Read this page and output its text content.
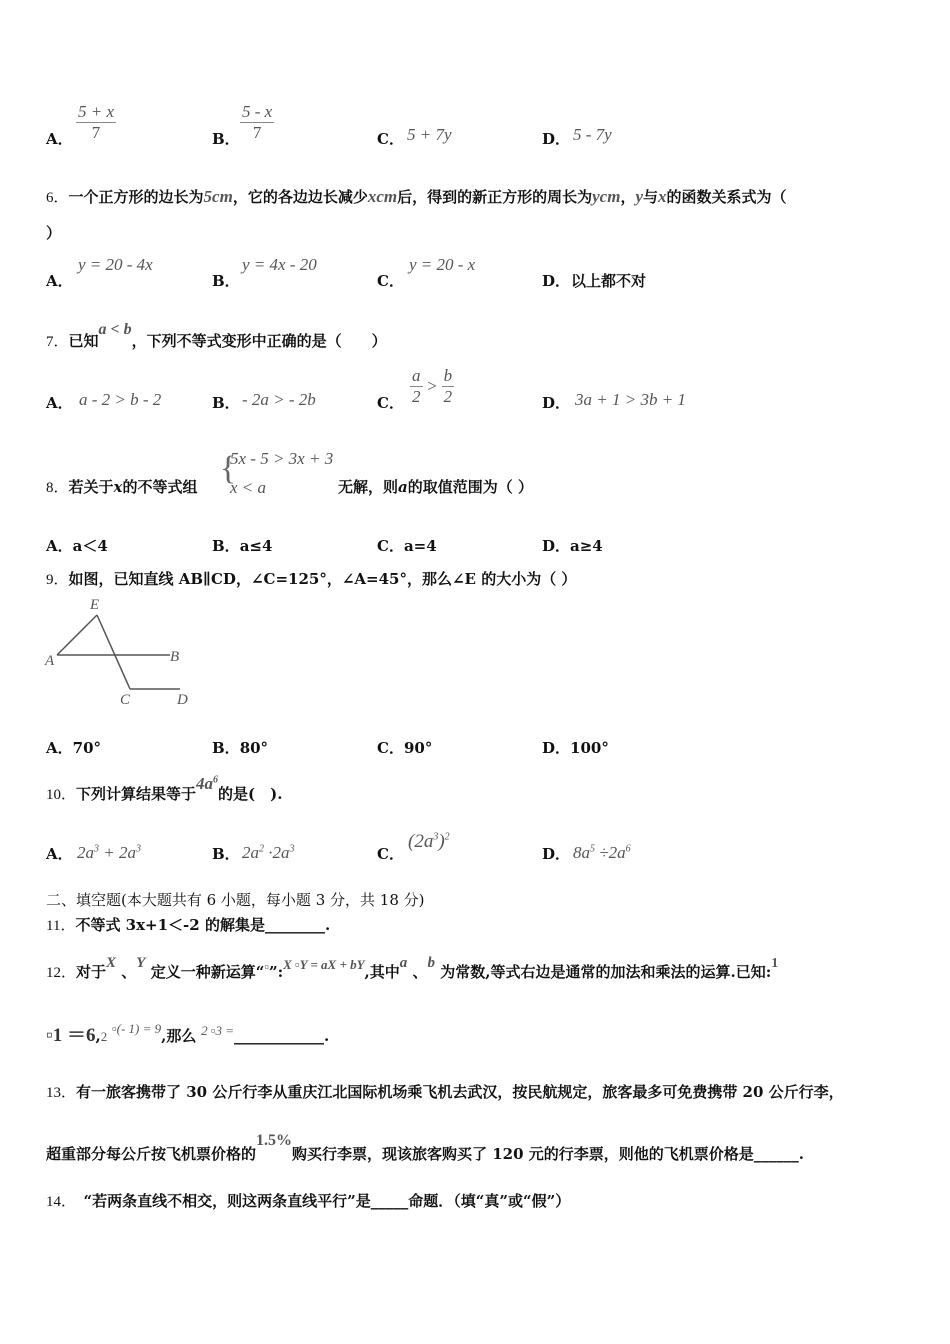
A． $\frac{5 + x}{7}$	B． $\frac{5 - x}{7}$	C． 5 + 7y	D． 5 - 7y
6．一个正方形的边长为5cm，它的各边边长减少xcm后，得到的新正方形的周长为ycm，y与x的函数关系式为（
）
A．
y = 20 - 4x
B．
y = 4x - 20
C．
y = 20 - x
D． 以上都不对
7．已知a < b，下列不等式变形中正确的是（　　）
A． a - 2 > b - 2	B． - 2a > - 2b	C． $\frac{a}{2} > \frac{b}{2}$	D． 3a + 1 > 3b + 1
8．若关于x的不等式组 {
5x - 5 > 3x + 3
x < a	无解，则a的取值范围为（ ）
A．a＜4	B．a≤4	C．a=4	D．a≥4
9．如图，已知直线 AB∥CD，∠C=125°，∠A=45°，那么∠E 的大小为（ ）
E
A	B
C	D
A．70°	B．80°	C．90°	D．100°
10．下列计算结果等于$4a^6$的是(　).
A． $2a^3 + 2a^3$	B． $2a^2 \cdot 2a^3$	C．
$(2a^3)^2$
D． $8a^5 \div 2a^6$
二、填空题(本大题共有 6 小题，每小题 3 分，共 18 分)
11．不等式 3x+1＜-2 的解集是________.
12．对于X 、Y 定义一种新运算“▫”:X ▫Y = aX + bY,其中a 、b 为常数,等式右边是通常的加法和乘法的运算.已知:1
▫1 ＝6,2 ▫(- 1) = 9,那么 2 ▫3 =____________.
13．有一旅客携带了 30 公斤行李从重庆江北国际机场乘飞机去武汉，按民航规定，旅客最多可免费携带 20 公斤行李，
超重部分每公斤按飞机票价格的1.5%购买行李票，现该旅客购买了 120 元的行李票，则他的飞机票价格是______.
14．　 “若两条直线不相交，则这两条直线平行”是_____命题．（填“真”或“假”）
